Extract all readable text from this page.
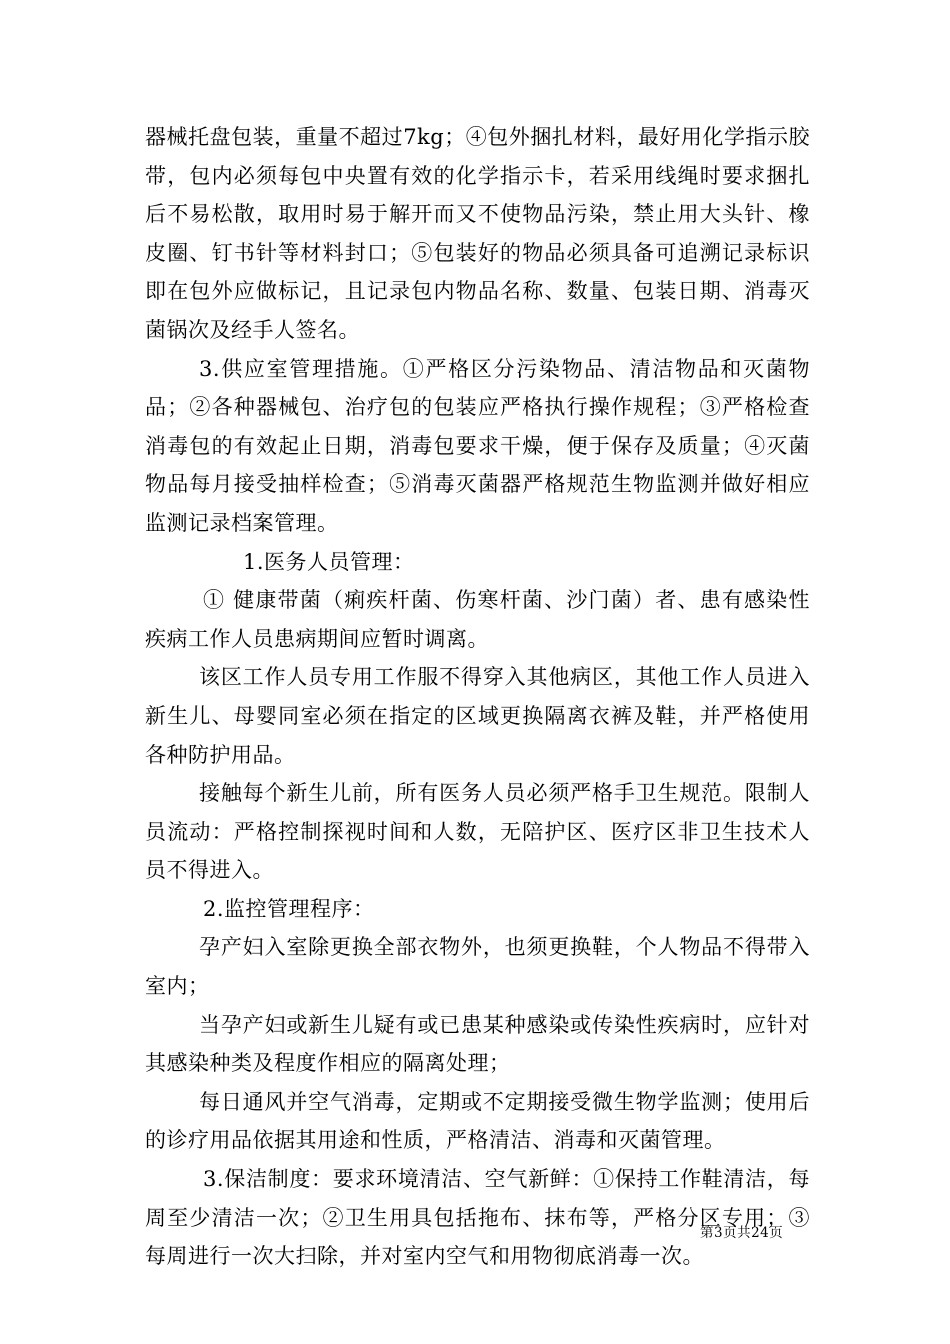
器械托盘包装，重量不超过7kg；④包外捆扎材料，最好用化学指示胶带，包内必须每包中央置有效的化学指示卡，若采用线绳时要求捆扎后不易松散，取用时易于解开而又不使物品污染，禁止用大头针、橡皮圈、钉书针等材料封口；⑤包装好的物品必须具备可追溯记录标识即在包外应做标记，且记录包内物品名称、数量、包装日期、消毒灭菌锅次及经手人签名。

3.供应室管理措施。①严格区分污染物品、清洁物品和灭菌物品；②各种器械包、治疗包的包装应严格执行操作规程；③严格检查消毒包的有效起止日期，消毒包要求干燥，便于保存及质量；④灭菌物品每月接受抽样检查；⑤消毒灭菌器严格规范生物监测并做好相应监测记录档案管理。

1.医务人员管理：

① 健康带菌（痢疾杆菌、伤寒杆菌、沙门菌）者、患有感染性疾病工作人员患病期间应暂时调离。

该区工作人员专用工作服不得穿入其他病区，其他工作人员进入新生儿、母婴同室必须在指定的区域更换隔离衣裤及鞋，并严格使用各种防护用品。

接触每个新生儿前，所有医务人员必须严格手卫生规范。限制人员流动：严格控制探视时间和人数，无陪护区、医疗区非卫生技术人员不得进入。

2.监控管理程序：

孕产妇入室除更换全部衣物外，也须更换鞋，个人物品不得带入室内；

当孕产妇或新生儿疑有或已患某种感染或传染性疾病时，应针对其感染种类及程度作相应的隔离处理；

每日通风并空气消毒，定期或不定期接受微生物学监测；使用后的诊疗用品依据其用途和性质，严格清洁、消毒和灭菌管理。

3.保洁制度：要求环境清洁、空气新鲜：①保持工作鞋清洁，每周至少清洁一次；②卫生用具包括拖布、抹布等，严格分区专用；③每周进行一次大扫除，并对室内空气和用物彻底消毒一次。

第3页共24页
